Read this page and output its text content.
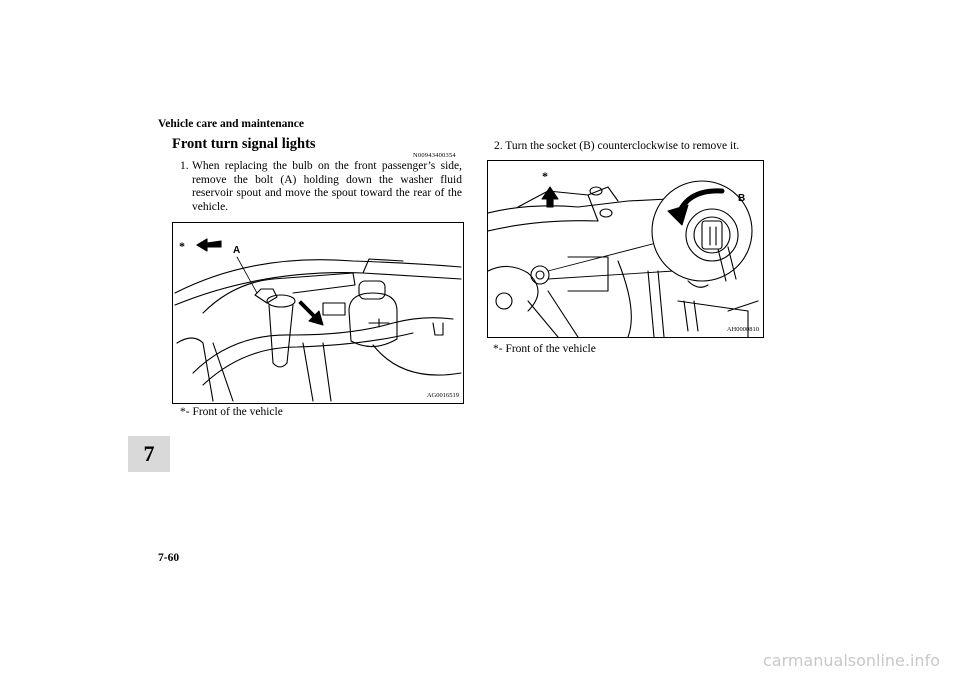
Vehicle care and maintenance
7
7-60
Front turn signal lights
N00943400354
1. When replacing the bulb on the front passenger’s side, remove the bolt (A) holding down the washer fluid reservoir spout and move the spout toward the rear of the vehicle.
2. Turn the socket (B) counterclockwise to remove it.
*	A
AG0016519
*- Front of the vehicle
*
B
AH0000810
*- Front of the vehicle
carmanualsonline.info
